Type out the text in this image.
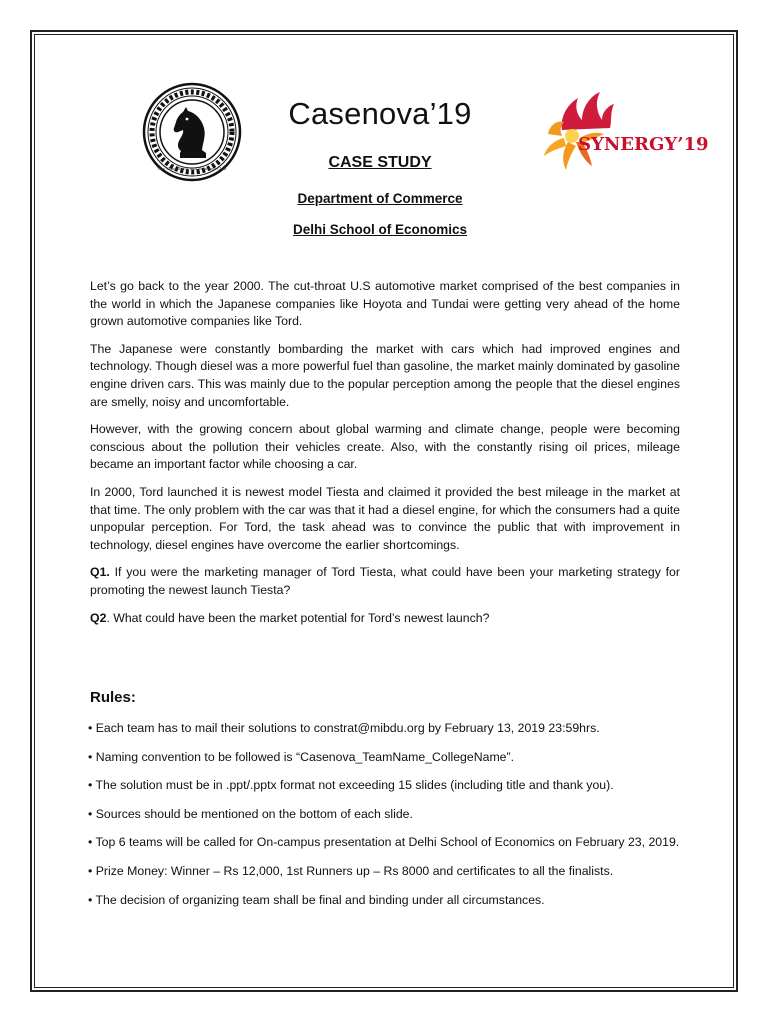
The Consulting and Strategy Club
SYNERGY’19
Casenova’19
CASE STUDY
Department of Commerce
Delhi School of Economics

Let’s go back to the year 2000. The cut-throat U.S automotive market comprised of the best companies in the world in which the Japanese companies like Hoyota and Tundai were getting very ahead of the home grown automotive companies like Tord.

The Japanese were constantly bombarding the market with cars which had improved engines and technology. Though diesel was a more powerful fuel than gasoline, the market mainly dominated by gasoline engine driven cars. This was mainly due to the popular perception among the people that the diesel engines are smelly, noisy and uncomfortable.

However, with the growing concern about global warming and climate change, people were becoming conscious about the pollution their vehicles create. Also, with the constantly rising oil prices, mileage became an important factor while choosing a car.

In 2000, Tord launched it is newest model Tiesta and claimed it provided the best mileage in the market at that time. The only problem with the car was that it had a diesel engine, for which the consumers had a quite unpopular perception. For Tord, the task ahead was to convince the public that with improvement in technology, diesel engines have overcome the earlier shortcomings.

Q1. If you were the marketing manager of Tord Tiesta, what could have been your marketing strategy for promoting the newest launch Tiesta?

Q2. What could have been the market potential for Tord’s newest launch?

Rules:
• Each team has to mail their solutions to constrat@mibdu.org by February 13, 2019 23:59hrs.
• Naming convention to be followed is “Casenova_TeamName_CollegeName”.
• The solution must be in .ppt/.pptx format not exceeding 15 slides (including title and thank you).
• Sources should be mentioned on the bottom of each slide.
• Top 6 teams will be called for On-campus presentation at Delhi School of Economics on February 23, 2019.
• Prize Money: Winner – Rs 12,000, 1st Runners up – Rs 8000 and certificates to all the finalists.
• The decision of organizing team shall be final and binding under all circumstances.
